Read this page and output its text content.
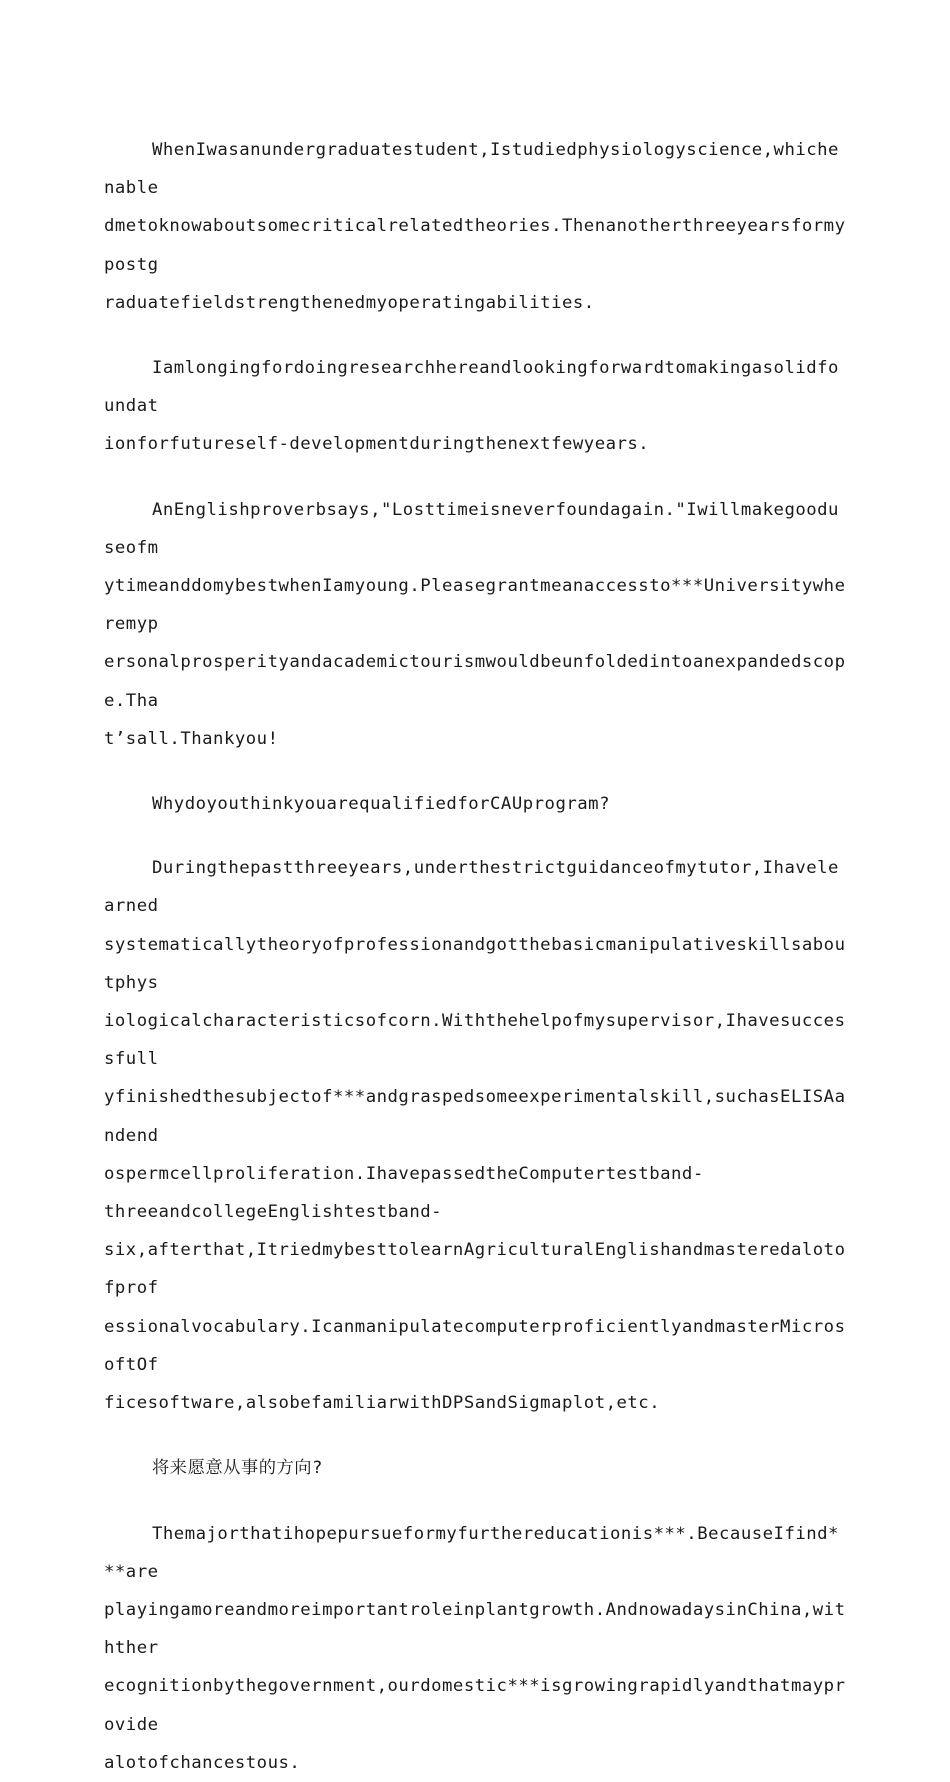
WhenIwasanundergraduatestudent,Istudiedphysiologyscience,whichenable
dmetoknowaboutsomecriticalrelatedtheories.Thenanotherthreeyearsformypostg
raduatefieldstrengthenedmyoperatingabilities.

Iamlongingfordoingresearchhereandlookingforwardtomakingasolidfoundat
ionforfutureself-developmentduringthenextfewyears.

AnEnglishproverbsays,"Losttimeisneverfoundagain."Iwillmakegooduseofm
ytimeanddomybestwhenIamyoung.Pleasegrantmeanaccessto***Universitywheremyp
ersonalprosperityandacademictourismwouldbeunfoldedintoanexpandedscope.Tha
t’sall.Thankyou!

WhydoyouthinkyouarequalifiedforCAUprogram?

Duringthepastthreeyears,underthestrictguidanceofmytutor,Ihavelearned
systematicallytheoryofprofessionandgotthebasicmanipulativeskillsaboutphys
iologicalcharacteristicsofcorn.Withthehelpofmysupervisor,Ihavesuccessfull
yfinishedthesubjectof***andgraspedsomeexperimentalskill,suchasELISAandend
ospermcellproliferation.IhavepassedtheComputertestband-
threeandcollegeEnglishtestband-
six,afterthat,ItriedmybesttolearnAgriculturalEnglishandmasteredalotofprof
essionalvocabulary.IcanmanipulatecomputerproficientlyandmasterMicrosoftOf
ficesoftware,alsobefamiliarwithDPSandSigmaplot,etc.

将来愿意从事的方向?

Themajorthatihopepursueformyfurthereducationis***.BecauseIfind***are
playingamoreandmoreimportantroleinplantgrowth.AndnowadaysinChina,withther
ecognitionbythegovernment,ourdomestic***isgrowingrapidlyandthatmayprovide
alotofchancestous.
